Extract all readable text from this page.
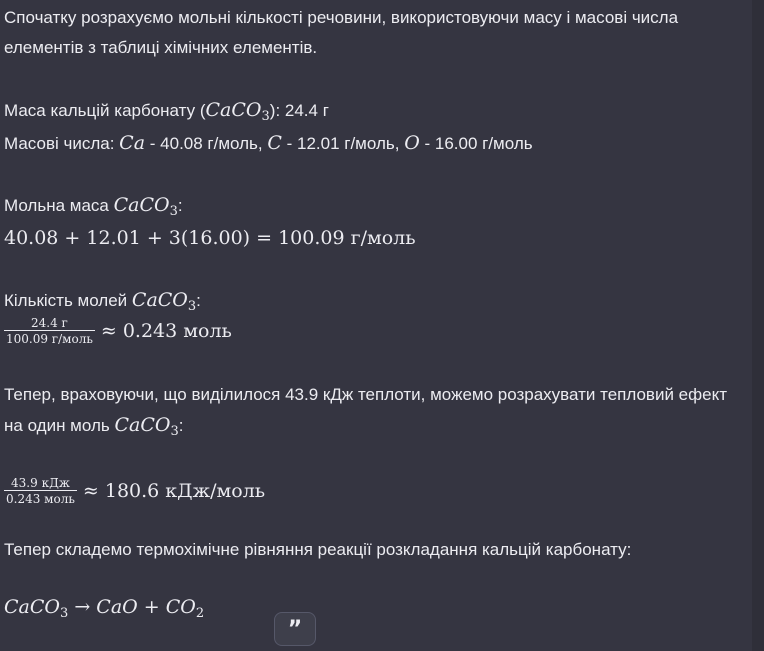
Спочатку розрахуємо мольні кількості речовини, використовуючи масу і масові числа елементів з таблиці хімічних елементів.

Маса кальцій карбонату (CaCO$_3$): 24.4 г

Масові числа: Ca - 40.08 г/моль, C - 12.01 г/моль, O - 16.00 г/моль

Мольна маса CaCO$_3$:

40.08 + 12.01 + 3(16.00) = 100.09 г/моль

Кількість молей CaCO$_3$:

$\frac{24.4 г}{\text{100.09 г/моль}} \approx 0.243$ моль

Тепер, враховуючи, що виділилося 43.9 кДж теплоти, можемо розрахувати тепловий ефект на один моль CaCO$_3$:

$\frac{\text{43.9 кДж}}{\text{0.243 моль}} \approx 180.6$ кДж/моль

Тепер складемо термохімічне рівняння реакції розкладання кальцій карбонату:

CaCO$_3$ → CaO + $CO_2$
”
